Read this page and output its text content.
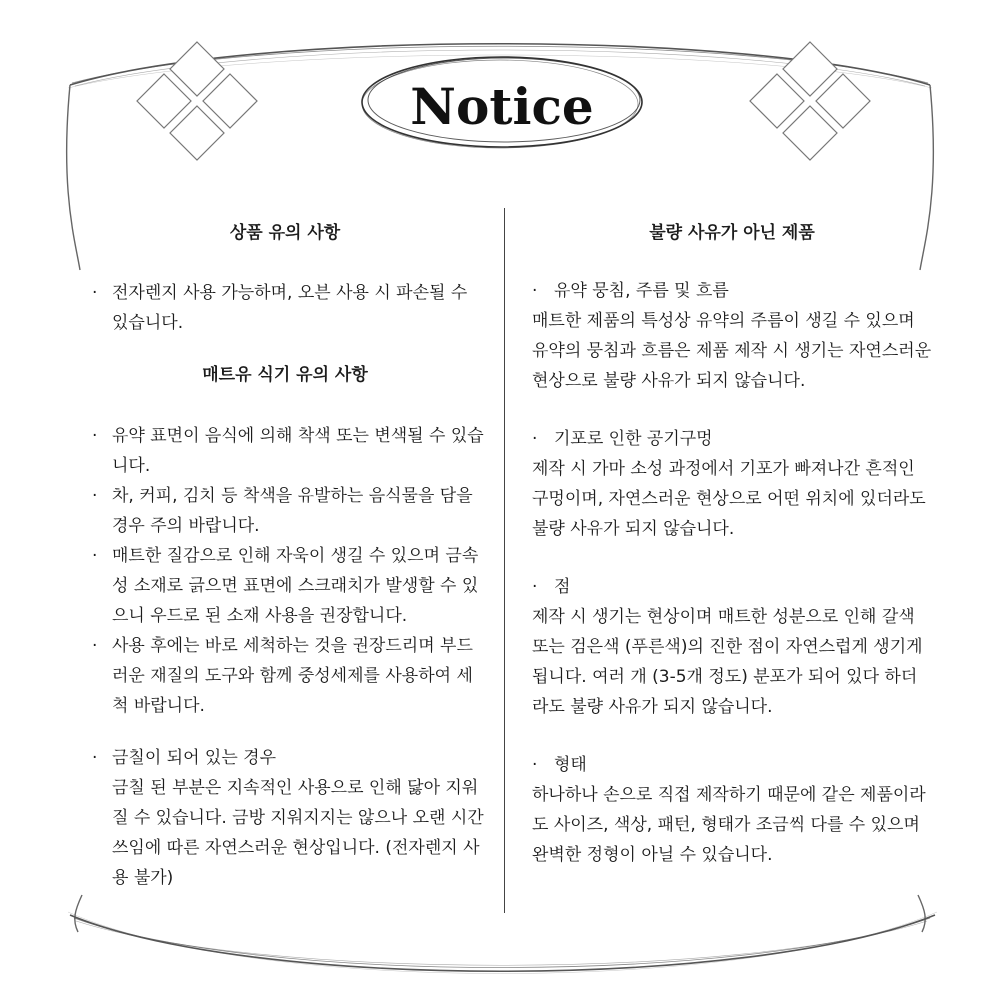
Notice

상품 유의 사항

· 전자렌지 사용 가능하며, 오븐 사용 시 파손될 수 있습니다.

매트유 식기 유의 사항

· 유약 표면이 음식에 의해 착색 또는 변색될 수 있습니다.
· 차, 커피, 김치 등 착색을 유발하는 음식물을 담을 경우 주의 바랍니다.
· 매트한 질감으로 인해 자욱이 생길 수 있으며 금속성 소재로 긁으면 표면에 스크래치가 발생할 수 있으니 우드로 된 소재 사용을 권장합니다.
· 사용 후에는 바로 세척하는 것을 권장드리며 부드러운 재질의 도구와 함께 중성세제를 사용하여 세척 바랍니다.
· 금칠이 되어 있는 경우
금칠 된 부분은 지속적인 사용으로 인해 닳아 지워질 수 있습니다. 금방 지워지지는 않으나 오랜 시간 쓰임에 따른 자연스러운 현상입니다. (전자렌지 사용 불가)

불량 사유가 아닌 제품

· 유약 뭉침, 주름 및 흐름
매트한 제품의 특성상 유약의 주름이 생길 수 있으며 유약의 뭉침과 흐름은 제품 제작 시 생기는 자연스러운 현상으로 불량 사유가 되지 않습니다.
· 기포로 인한 공기구멍
제작 시 가마 소성 과정에서 기포가 빠져나간 흔적인 구멍이며, 자연스러운 현상으로 어떤 위치에 있더라도 불량 사유가 되지 않습니다.
· 점
제작 시 생기는 현상이며 매트한 성분으로 인해 갈색 또는 검은색 (푸른색)의 진한 점이 자연스럽게 생기게 됩니다. 여러 개 (3-5개 정도) 분포가 되어 있다 하더라도 불량 사유가 되지 않습니다.
· 형태
하나하나 손으로 직접 제작하기 때문에 같은 제품이라도 사이즈, 색상, 패턴, 형태가 조금씩 다를 수 있으며 완벽한 정형이 아닐 수 있습니다.
